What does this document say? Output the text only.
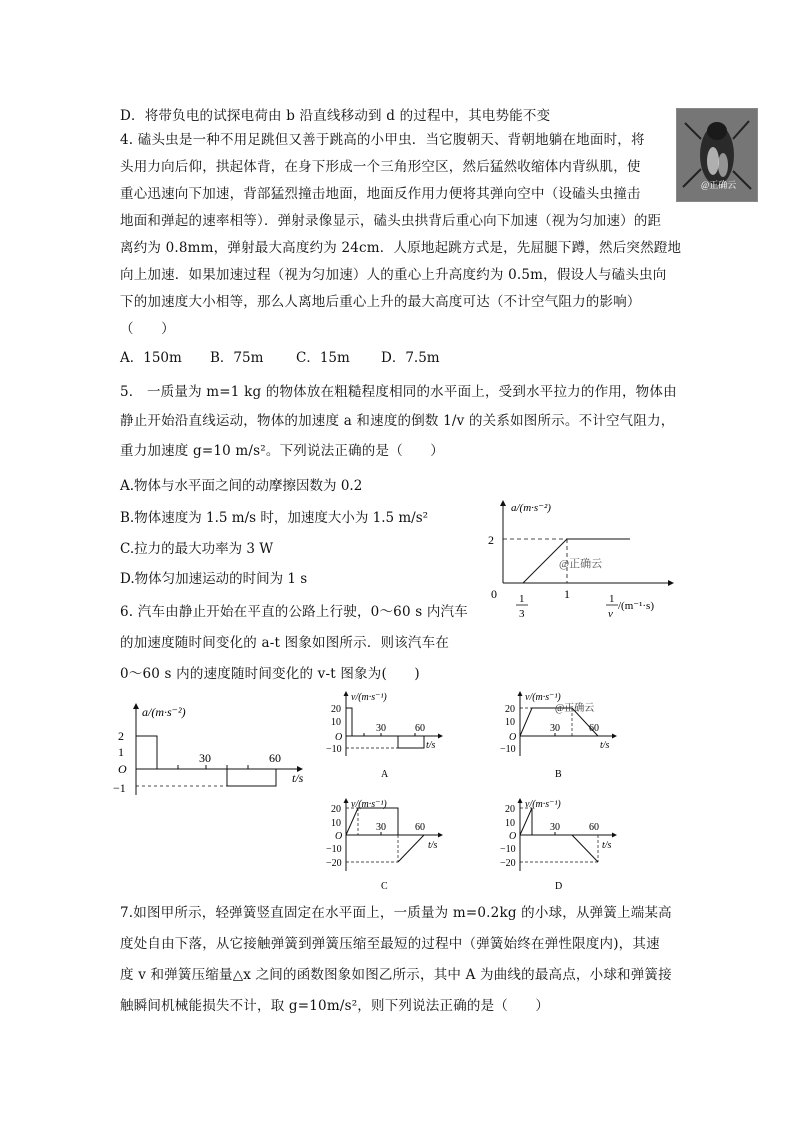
D．将带负电的试探电荷由 b 沿直线移动到 d 的过程中，其电势能不变
4. 磕头虫是一种不用足跳但又善于跳高的小甲虫．当它腹朝天、背朝地躺在地面时，将
头用力向后仰，拱起体背，在身下形成一个三角形空区，然后猛然收缩体内背纵肌，使
重心迅速向下加速，背部猛烈撞击地面，地面反作用力便将其弹向空中（设磕头虫撞击
地面和弹起的速率相等）．弹射录像显示，磕头虫拱背后重心向下加速（视为匀加速）的距
离约为 0.8mm，弹射最大高度约为 24cm．人原地起跳方式是，先屈腿下蹲，然后突然蹬地
向上加速．如果加速过程（视为匀加速）人的重心上升高度约为 0.5m，假设人与磕头虫向
下的加速度大小相等，那么人离地后重心上升的最大高度可达（不计空气阻力的影响）
（　　）
@正确云
A．150m B．75m C．15m D．7.5m
5． 一质量为 m=1 kg 的物体放在粗糙程度相同的水平面上，受到水平拉力的作用，物体由
静止开始沿直线运动，物体的加速度 a 和速度的倒数 1/v 的关系如图所示。不计空气阻力，
重力加速度 g=10 m/s²。下列说法正确的是（　　）
A.物体与水平面之间的动摩擦因数为 0.2
B.物体速度为 1.5 m/s 时，加速度大小为 1.5 m/s²
C.拉力的最大功率为 3 W
D.物体匀加速运动的时间为 1 s
a/(m·s⁻²)
2
0 1
3
1	1
v
/(m⁻¹·s)
@正确云
6. 汽车由静止开始在平直的公路上行驶，0～60 s 内汽车
的加速度随时间变化的 a-t 图象如图所示．则该汽车在
0～60 s 内的速度随时间变化的 v-t 图象为(　　)
a/(m·s⁻²)
2
1
O
−1
30	60
t/s
v/(m·s⁻¹)
20
10
O
−10
30	60
t/s
A
v/(m·s⁻¹)
20
10
O
−10
30	60
t/s
@正确云
B
v/(m·s⁻¹)
20
10
O
−10
−20
30	60
t/s
C
v/(m·s⁻¹)
20
10
O
−10
−20
30	60
t/s
D
7.如图甲所示，轻弹簧竖直固定在水平面上，一质量为 m=0.2kg 的小球，从弹簧上端某高
度处自由下落，从它接触弹簧到弹簧压缩至最短的过程中（弹簧始终在弹性限度内)，其速
度 v 和弹簧压缩量△x 之间的函数图象如图乙所示，其中 A 为曲线的最高点，小球和弹簧接
触瞬间机械能损失不计，取 g=10m/s²，则下列说法正确的是（　　）
